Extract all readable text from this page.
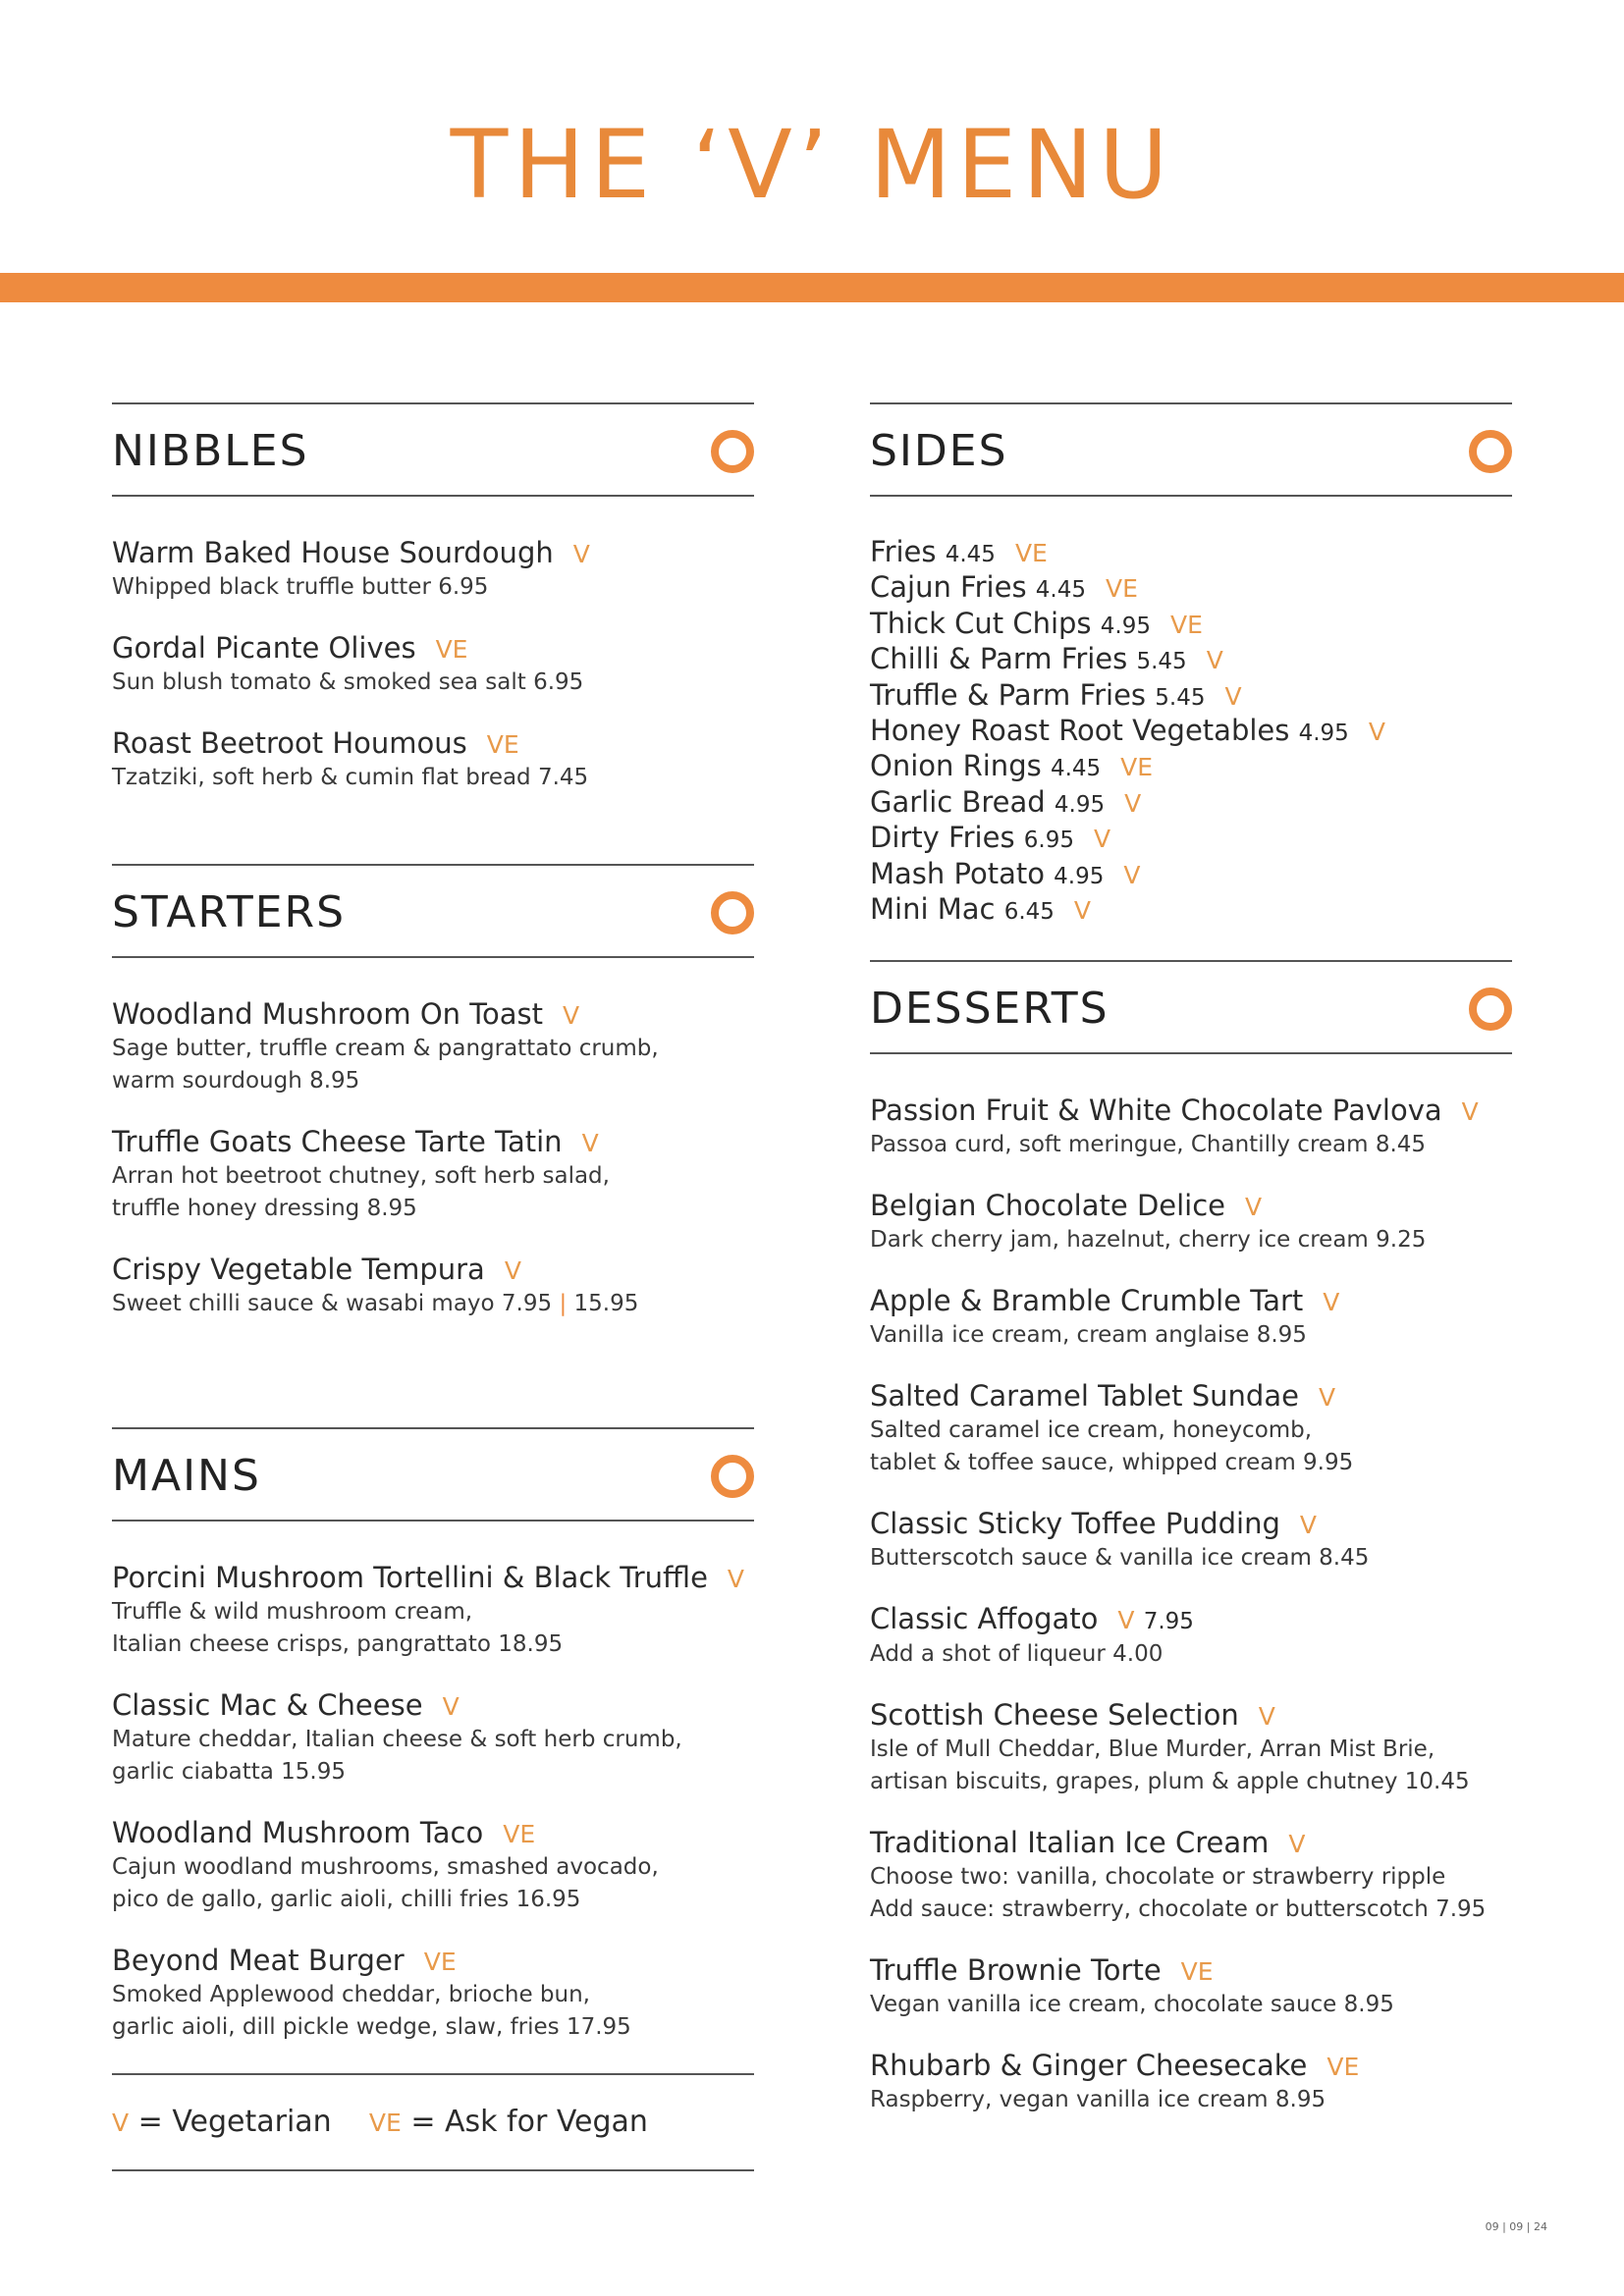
THE ‘V’ MENU
NIBBLES
Warm Baked House Sourdough V
Whipped black truffle butter 6.95
Gordal Picante Olives VE
Sun blush tomato & smoked sea salt 6.95
Roast Beetroot Houmous VE
Tzatziki, soft herb & cumin flat bread 7.45
STARTERS
Woodland Mushroom On Toast V
Sage butter, truffle cream & pangrattato crumb,
warm sourdough 8.95
Truffle Goats Cheese Tarte Tatin V
Arran hot beetroot chutney, soft herb salad,
truffle honey dressing 8.95
Crispy Vegetable Tempura V
Sweet chilli sauce & wasabi mayo 7.95 | 15.95
MAINS
Porcini Mushroom Tortellini & Black Truffle V
Truffle & wild mushroom cream,
Italian cheese crisps, pangrattato 18.95
Classic Mac & Cheese V
Mature cheddar, Italian cheese & soft herb crumb,
garlic ciabatta 15.95
Woodland Mushroom Taco VE
Cajun woodland mushrooms, smashed avocado,
pico de gallo, garlic aioli, chilli fries 16.95
Beyond Meat Burger VE
Smoked Applewood cheddar, brioche bun,
garlic aioli, dill pickle wedge, slaw, fries 17.95
V = Vegetarian VE = Ask for Vegan
SIDES
Fries 4.45 VE
Cajun Fries 4.45 VE
Thick Cut Chips 4.95 VE
Chilli & Parm Fries 5.45 V
Truffle & Parm Fries 5.45 V
Honey Roast Root Vegetables 4.95 V
Onion Rings 4.45 VE
Garlic Bread 4.95 V
Dirty Fries 6.95 V
Mash Potato 4.95 V
Mini Mac 6.45 V
DESSERTS
Passion Fruit & White Chocolate Pavlova V
Passoa curd, soft meringue, Chantilly cream 8.45
Belgian Chocolate Delice V
Dark cherry jam, hazelnut, cherry ice cream 9.25
Apple & Bramble Crumble Tart V
Vanilla ice cream, cream anglaise 8.95
Salted Caramel Tablet Sundae V
Salted caramel ice cream, honeycomb,
tablet & toffee sauce, whipped cream 9.95
Classic Sticky Toffee Pudding V
Butterscotch sauce & vanilla ice cream 8.45
Classic Affogato V 7.95
Add a shot of liqueur 4.00
Scottish Cheese Selection V
Isle of Mull Cheddar, Blue Murder, Arran Mist Brie,
artisan biscuits, grapes, plum & apple chutney 10.45
Traditional Italian Ice Cream V
Choose two: vanilla, chocolate or strawberry ripple
Add sauce: strawberry, chocolate or butterscotch 7.95
Truffle Brownie Torte VE
Vegan vanilla ice cream, chocolate sauce 8.95
Rhubarb & Ginger Cheesecake VE
Raspberry, vegan vanilla ice cream 8.95
09 | 09 | 24
